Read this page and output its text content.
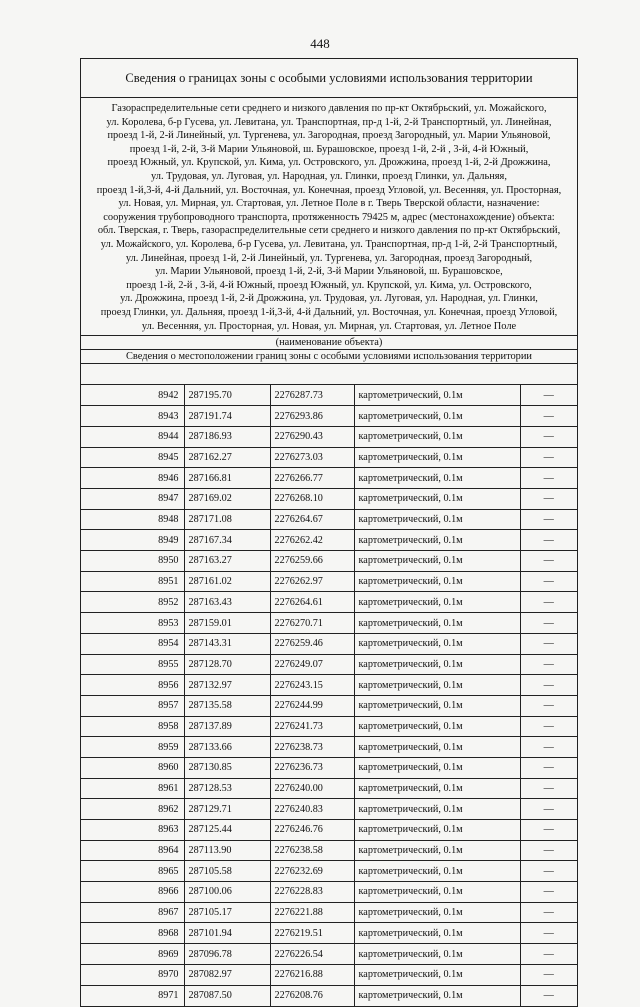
448
Сведения о границах зоны с особыми условиями использования территории

Газораспределительные сети среднего и низкого давления по пр-кт Октябрьский, ул. Можайского,

ул. Королева, б-р Гусева, ул. Левитана, ул. Транспортная, пр-д 1-й, 2-й Транспортный, ул. Линейная,

проезд 1-й, 2-й Линейный, ул. Тургенева, ул. Загородная, проезд Загородный, ул. Марии Ульяновой,

проезд 1-й, 2-й, 3-й Марии Ульяновой, ш. Бурашовское, проезд 1-й, 2-й , 3-й, 4-й Южный,

проезд Южный, ул. Крупской, ул. Кима, ул. Островского, ул. Дрожжина, проезд 1-й, 2-й Дрожжина,

ул. Трудовая, ул. Луговая, ул. Народная, ул. Глинки, проезд Глинки, ул. Дальняя,

проезд 1-й,3-й, 4-й Дальний, ул. Восточная, ул. Конечная, проезд Угловой, ул. Весенняя, ул. Просторная,

ул. Новая, ул. Мирная, ул. Стартовая, ул. Летное Поле в г. Тверь Тверской области, назначение:

сооружения трубопроводного транспорта, протяженность 79425 м, адрес (местонахождение) объекта:

обл. Тверская, г. Тверь, газораспределительные сети среднего и низкого давления по пр-кт Октябрьский,

ул. Можайского, ул. Королева, б-р Гусева, ул. Левитана, ул. Транспортная, пр-д 1-й, 2-й Транспортный,

ул. Линейная, проезд 1-й, 2-й Линейный, ул. Тургенева, ул. Загородная, проезд Загородный,

ул. Марии Ульяновой, проезд 1-й, 2-й, 3-й Марии Ульяновой, ш. Бурашовское,

проезд 1-й, 2-й , 3-й, 4-й Южный, проезд Южный, ул. Крупской, ул. Кима, ул. Островского,

ул. Дрожжина, проезд 1-й, 2-й Дрожжина, ул. Трудовая, ул. Луговая, ул. Народная, ул. Глинки,

проезд Глинки, ул. Дальняя, проезд 1-й,3-й, 4-й Дальний, ул. Восточная, ул. Конечная, проезд Угловой,

ул. Весенняя, ул. Просторная, ул. Новая, ул. Мирная, ул. Стартовая, ул. Летное Поле

(наименование объекта)
Сведения о местоположении границ зоны с особыми условиями использования территории
8942	287195.70	2276287.73	картометрический, 0.1м	—
8943	287191.74	2276293.86	картометрический, 0.1м	—
8944	287186.93	2276290.43	картометрический, 0.1м	—
8945	287162.27	2276273.03	картометрический, 0.1м	—
8946	287166.81	2276266.77	картометрический, 0.1м	—
8947	287169.02	2276268.10	картометрический, 0.1м	—
8948	287171.08	2276264.67	картометрический, 0.1м	—
8949	287167.34	2276262.42	картометрический, 0.1м	—
8950	287163.27	2276259.66	картометрический, 0.1м	—
8951	287161.02	2276262.97	картометрический, 0.1м	—
8952	287163.43	2276264.61	картометрический, 0.1м	—
8953	287159.01	2276270.71	картометрический, 0.1м	—
8954	287143.31	2276259.46	картометрический, 0.1м	—
8955	287128.70	2276249.07	картометрический, 0.1м	—
8956	287132.97	2276243.15	картометрический, 0.1м	—
8957	287135.58	2276244.99	картометрический, 0.1м	—
8958	287137.89	2276241.73	картометрический, 0.1м	—
8959	287133.66	2276238.73	картометрический, 0.1м	—
8960	287130.85	2276236.73	картометрический, 0.1м	—
8961	287128.53	2276240.00	картометрический, 0.1м	—
8962	287129.71	2276240.83	картометрический, 0.1м	—
8963	287125.44	2276246.76	картометрический, 0.1м	—
8964	287113.90	2276238.58	картометрический, 0.1м	—
8965	287105.58	2276232.69	картометрический, 0.1м	—
8966	287100.06	2276228.83	картометрический, 0.1м	—
8967	287105.17	2276221.88	картометрический, 0.1м	—
8968	287101.94	2276219.51	картометрический, 0.1м	—
8969	287096.78	2276226.54	картометрический, 0.1м	—
8970	287082.97	2276216.88	картометрический, 0.1м	—
8971	287087.50	2276208.76	картометрический, 0.1м	—
